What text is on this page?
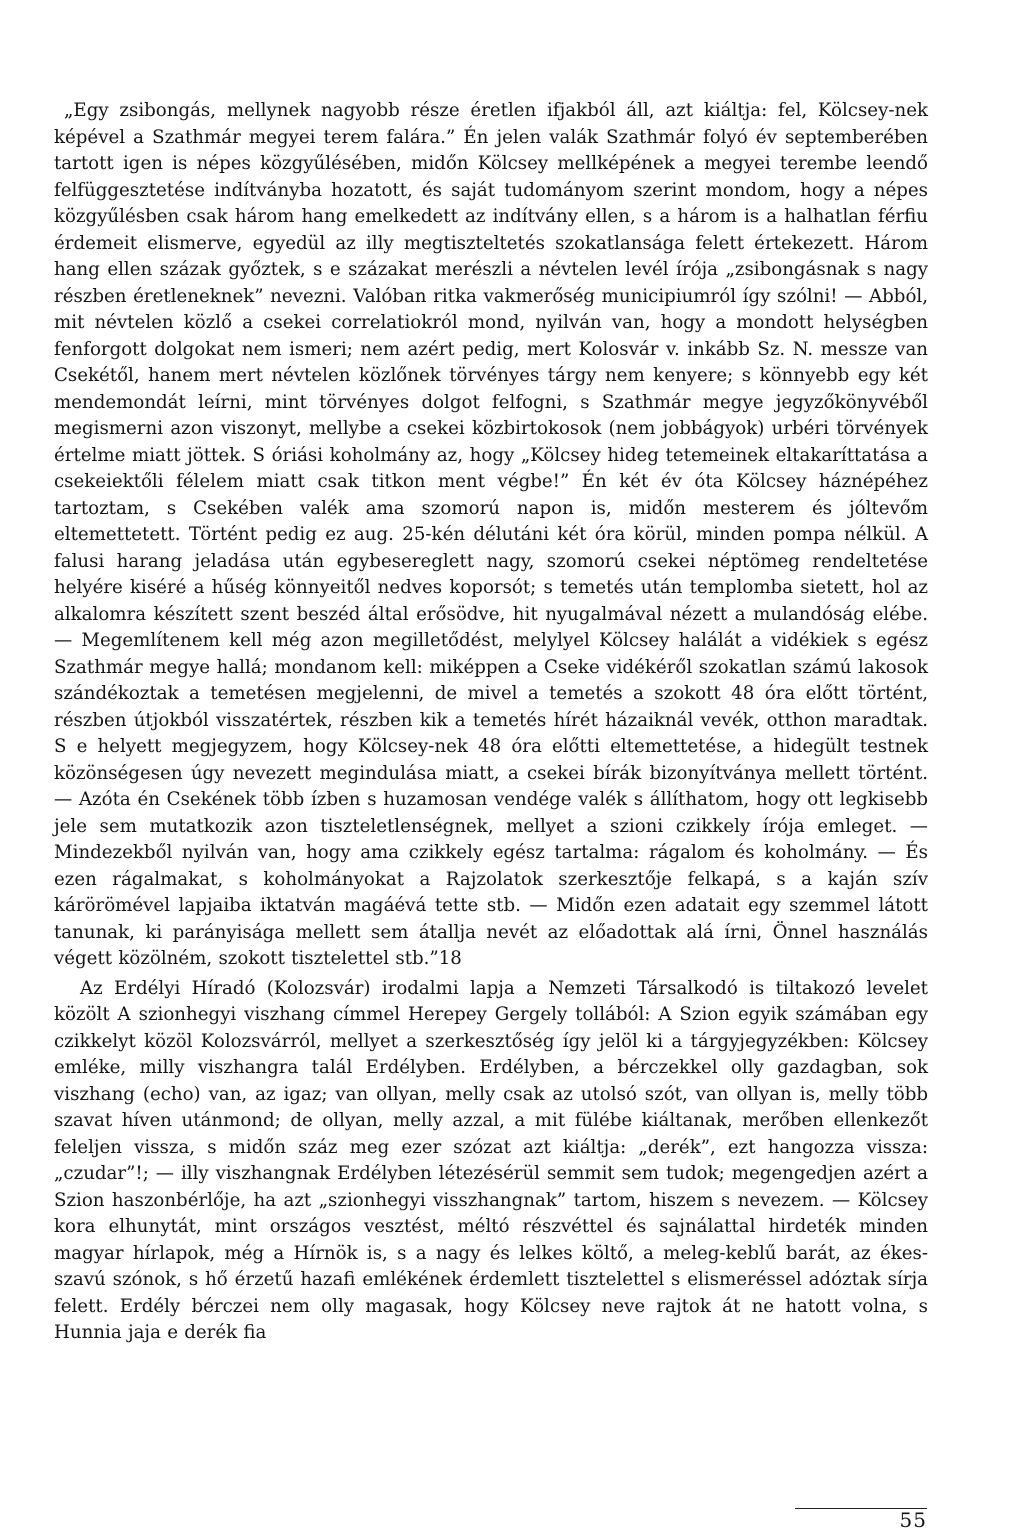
„Egy zsibongás, mellynek nagyobb része éretlen ifjakból áll, azt kiáltja: fel, Kölcsey-nek képével a Szathmár megyei terem falára.” Én jelen valák Szathmár folyó év septemberében tartott igen is népes közgyűlésében, midőn Kölcsey mellképének a megyei terembe leendő felfüggesztetése indítványba hozatott, és saját tudományom szerint mondom, hogy a népes közgyűlésben csak három hang emelkedett az indítvány ellen, s a három is a halhatlan férfiu érdemeit elismerve, egyedül az illy megtiszteltetés szokatlansága felett értekezett. Három hang ellen százak győztek, s e százakat merészli a névtelen levél írója „zsibongásnak s nagy részben éretleneknek” nevezni. Valóban ritka vakmerőség municipiumról így szólni! — Abból, mit névtelen közlő a csekei correlatiokról mond, nyilván van, hogy a mondott helységben fenforgott dolgokat nem ismeri; nem azért pedig, mert Kolosvár v. inkább Sz. N. messze van Csekétől, hanem mert névtelen közlőnek törvényes tárgy nem kenyere; s könnyebb egy két mendemondát leírni, mint törvényes dolgot felfogni, s Szathmár megye jegyzőkönyvéből megismerni azon viszonyt, mellybe a csekei közbirtokosok (nem jobbágyok) urbéri törvények értelme miatt jöttek. S óriási koholmány az, hogy „Kölcsey hideg tetemeinek eltakaríttatása a csekeiektőli félelem miatt csak titkon ment végbe!” Én két év óta Kölcsey háznépéhez tartoztam, s Csekében valék ama szomorú napon is, midőn mesterem és jóltevőm eltemettetett. Történt pedig ez aug. 25-kén délutáni két óra körül, minden pompa nélkül. A falusi harang jeladása után egybesereglett nagy, szomorú csekei néptömeg rendeltetése helyére kiséré a hűség könnyeitől nedves koporsót; s temetés után templomba sietett, hol az alkalomra készített szent beszéd által erősödve, hit nyugalmával nézett a mulandóság elébe. — Megemlítenem kell még azon megilletődést, melylyel Kölcsey halálát a vidékiek s egész Szathmár megye hallá; mondanom kell: miképpen a Cseke vidékéről szokatlan számú lakosok szándékoztak a temetésen megjelenni, de mivel a temetés a szokott 48 óra előtt történt, részben útjokból visszatértek, részben kik a temetés hírét házaiknál vevék, otthon maradtak. S e helyett megjegyzem, hogy Kölcsey-nek 48 óra előtti eltemettetése, a hidegült testnek közönségesen úgy nevezett megindulása miatt, a csekei bírák bizonyítványa mellett történt. — Azóta én Csekének több ízben s huzamosan vendége valék s állíthatom, hogy ott legkisebb jele sem mutatkozik azon tiszteletlenségnek, mellyet a szioni czikkely írója emleget. — Mindezekből nyilván van, hogy ama czikkely egész tartalma: rágalom és koholmány. — És ezen rágalmakat, s koholmányokat a Rajzolatok szerkesztője felkapá, s a kaján szív kárörömével lapjaiba iktatván magáévá tette stb. — Midőn ezen adatait egy szemmel látott tanunak, ki parányisága mellett sem átallja nevét az előadottak alá írni, Önnel használás végett közölném, szokott tisztelettel stb.”18

Az Erdélyi Híradó (Kolozsvár) irodalmi lapja a Nemzeti Társalkodó is tiltakozó levelet közölt A szionhegyi viszhang címmel Herepey Gergely tollából: A Szion egyik számában egy czikkelyt közöl Kolozsvárról, mellyet a szerkesztőség így jelöl ki a tárgyjegyzékben: Kölcsey emléke, milly viszhangra talál Erdélyben. Erdélyben, a bérczekkel olly gazdagban, sok viszhang (echo) van, az igaz; van ollyan, melly csak az utolsó szót, van ollyan is, melly több szavat híven utánmond; de ollyan, melly azzal, a mit fülébe kiáltanak, merőben ellenkezőt feleljen vissza, s midőn száz meg ezer szózat azt kiáltja: „derék”, ezt hangozza vissza: „czudar”!; — illy viszhangnak Erdélyben létezésérül semmit sem tudok; megengedjen azért a Szion haszonbérlője, ha azt „szionhegyi visszhangnak” tartom, hiszem s nevezem. — Kölcsey kora elhunytát, mint országos vesztést, méltó részvéttel és sajnálattal hirdeték minden magyar hírlapok, még a Hírnök is, s a nagy és lelkes költő, a meleg-keblű barát, az ékes-szavú szónok, s hő érzetű hazafi emlékének érdemlett tisztelettel s elismeréssel adóztak sírja felett. Erdély bérczei nem olly magasak, hogy Kölcsey neve rajtok át ne hatott volna, s Hunnia jaja e derék fia

55
